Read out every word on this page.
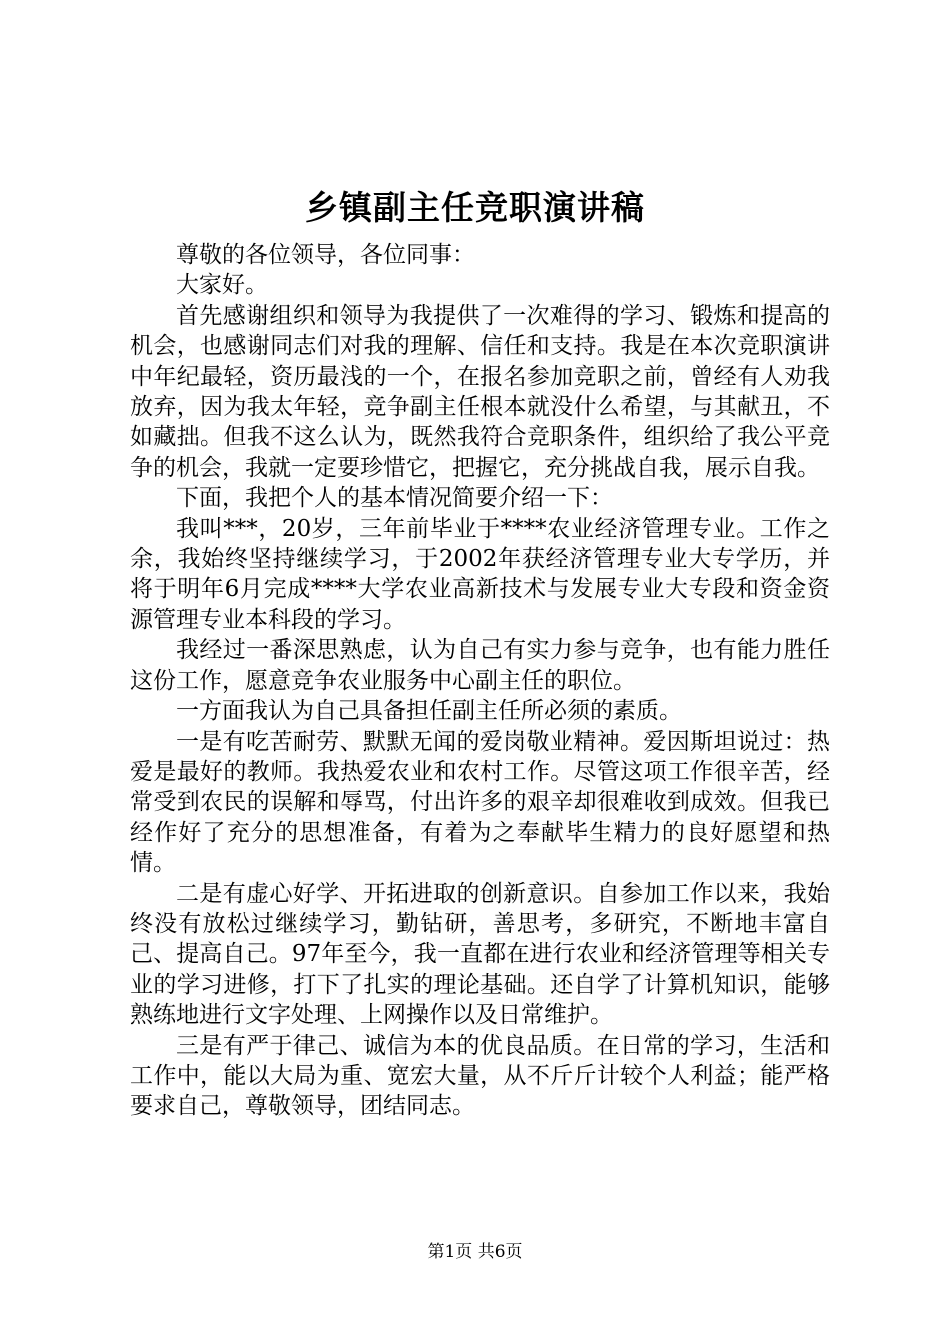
乡镇副主任竞职演讲稿

尊敬的各位领导，各位同事：

大家好。

首先感谢组织和领导为我提供了一次难得的学习、锻炼和提高的机会，也感谢同志们对我的理解、信任和支持。我是在本次竞职演讲中年纪最轻，资历最浅的一个，在报名参加竞职之前，曾经有人劝我放弃，因为我太年轻，竞争副主任根本就没什么希望，与其献丑，不如藏拙。但我不这么认为，既然我符合竞职条件，组织给了我公平竞争的机会，我就一定要珍惜它，把握它，充分挑战自我，展示自我。

下面，我把个人的基本情况简要介绍一下：

我叫***，20岁，三年前毕业于****农业经济管理专业。工作之余，我始终坚持继续学习，于2002年获经济管理专业大专学历，并将于明年6月完成****大学农业高新技术与发展专业大专段和资金资源管理专业本科段的学习。

我经过一番深思熟虑，认为自己有实力参与竞争，也有能力胜任这份工作，愿意竞争农业服务中心副主任的职位。

一方面我认为自己具备担任副主任所必须的素质。

一是有吃苦耐劳、默默无闻的爱岗敬业精神。爱因斯坦说过：热爱是最好的教师。我热爱农业和农村工作。尽管这项工作很辛苦，经常受到农民的误解和辱骂，付出许多的艰辛却很难收到成效。但我已经作好了充分的思想准备，有着为之奉献毕生精力的良好愿望和热情。

二是有虚心好学、开拓进取的创新意识。自参加工作以来，我始终没有放松过继续学习，勤钻研，善思考，多研究，不断地丰富自己、提高自己。97年至今，我一直都在进行农业和经济管理等相关专业的学习进修，打下了扎实的理论基础。还自学了计算机知识，能够熟练地进行文字处理、上网操作以及日常维护。

三是有严于律己、诚信为本的优良品质。在日常的学习，生活和工作中，能以大局为重、宽宏大量，从不斤斤计较个人利益；能严格要求自己，尊敬领导，团结同志。

第1页 共6页
